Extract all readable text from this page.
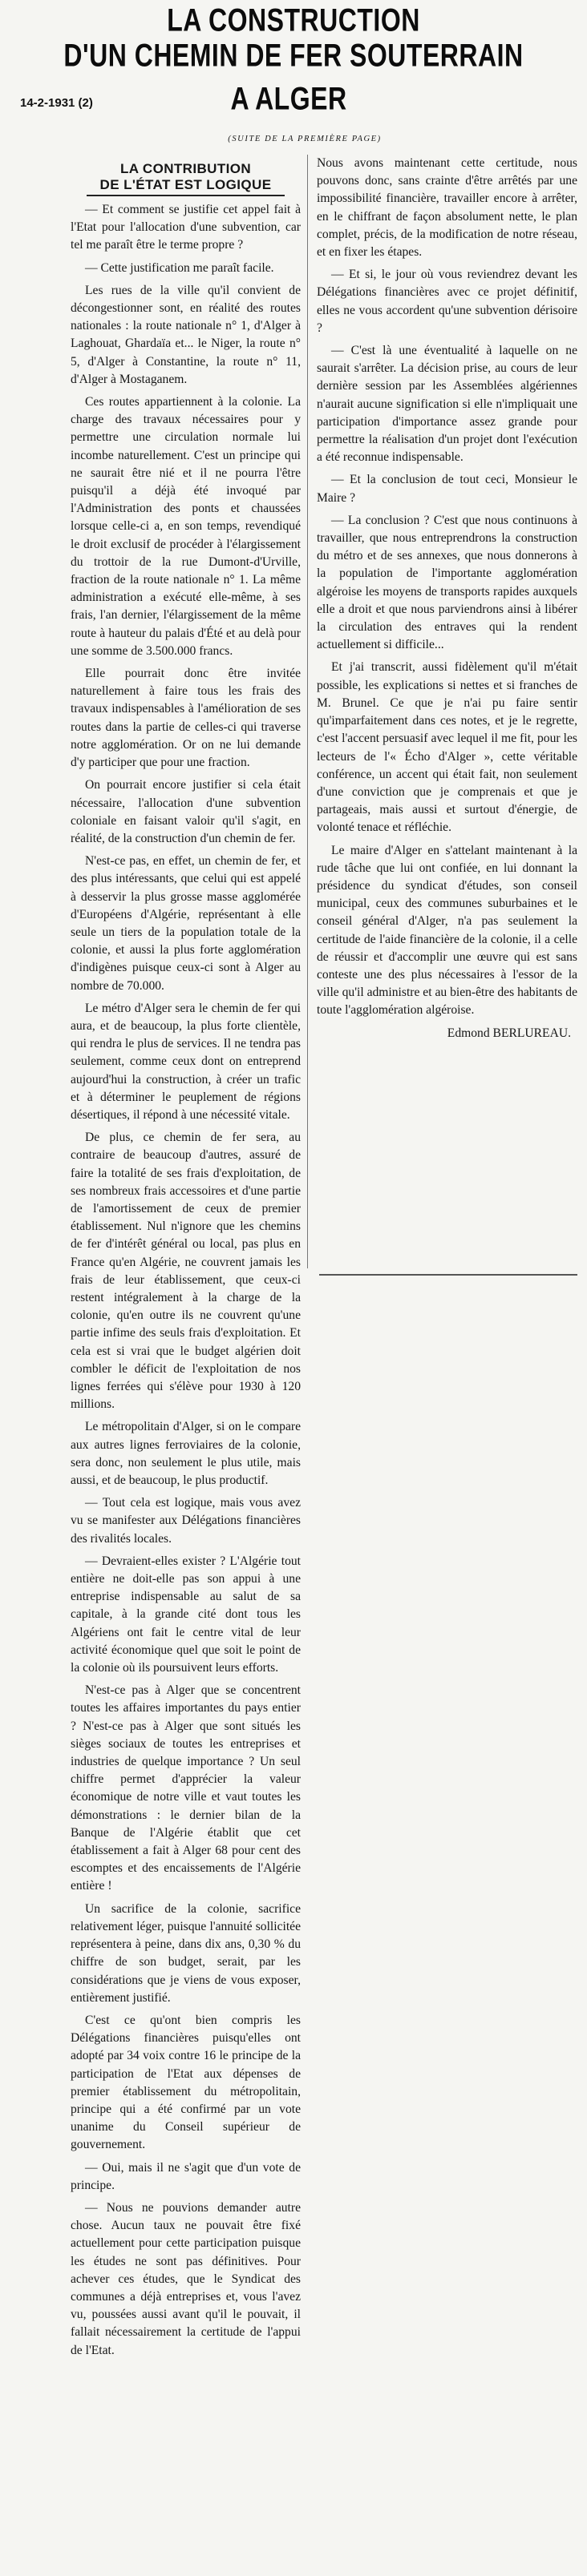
LA CONSTRUCTION
D'UN CHEMIN DE FER SOUTERRAIN
14-2-1931 (2)	A ALGER
(SUITE DE LA PREMIÈRE PAGE)
LA CONTRIBUTION
DE L'ÉTAT EST LOGIQUE

— Et comment se justifie cet appel fait à l'Etat pour l'allocation d'une subvention, car tel me paraît être le terme propre ?

— Cette justification me paraît facile.

Les rues de la ville qu'il convient de décongestionner sont, en réalité des routes nationales : la route nationale n° 1, d'Alger à Laghouat, Ghardaïa et... le Niger, la route n° 5, d'Alger à Constantine, la route n° 11, d'Alger à Mostaganem.

Ces routes appartiennent à la colonie. La charge des travaux nécessaires pour y permettre une circulation normale lui incombe naturellement. C'est un principe qui ne saurait être nié et il ne pourra l'être puisqu'il a déjà été invoqué par l'Administration des ponts et chaussées lorsque celle-ci a, en son temps, revendiqué le droit exclusif de procéder à l'élargissement du trottoir de la rue Dumont-d'Urville, fraction de la route nationale n° 1. La même administration a exécuté elle-même, à ses frais, l'an dernier, l'élargissement de la même route à hauteur du palais d'Été et au delà pour une somme de 3.500.000 francs.

Elle pourrait donc être invitée naturellement à faire tous les frais des travaux indispensables à l'amélioration de ses routes dans la partie de celles-ci qui traverse notre agglomération. Or on ne lui demande d'y participer que pour une fraction.

On pourrait encore justifier si cela était nécessaire, l'allocation d'une subvention coloniale en faisant valoir qu'il s'agit, en réalité, de la construction d'un chemin de fer.

N'est-ce pas, en effet, un chemin de fer, et des plus intéressants, que celui qui est appelé à desservir la plus grosse masse agglomérée d'Européens d'Algérie, représentant à elle seule un tiers de la population totale de la colonie, et aussi la plus forte agglomération d'indigènes puisque ceux-ci sont à Alger au nombre de 70.000.

Le métro d'Alger sera le chemin de fer qui aura, et de beaucoup, la plus forte clientèle, qui rendra le plus de services. Il ne tendra pas seulement, comme ceux dont on entreprend aujourd'hui la construction, à créer un trafic et à déterminer le peuplement de régions désertiques, il répond à une nécessité vitale.

De plus, ce chemin de fer sera, au contraire de beaucoup d'autres, assuré de faire la totalité de ses frais d'exploitation, de ses nombreux frais accessoires et d'une partie de l'amortissement de ceux de premier établissement. Nul n'ignore que les chemins de fer d'intérêt général ou local, pas plus en France qu'en Algérie, ne couvrent jamais les frais de leur établissement, que ceux-ci restent intégralement à la charge de la colonie, qu'en outre ils ne couvrent qu'une partie infime des seuls frais d'exploitation. Et cela est si vrai que le budget algérien doit combler le déficit de l'exploitation de nos lignes ferrées qui s'élève pour 1930 à 120 millions.

Le métropolitain d'Alger, si on le compare aux autres lignes ferroviaires de la colonie, sera donc, non seulement le plus utile, mais aussi, et de beaucoup, le plus productif.

— Tout cela est logique, mais vous avez vu se manifester aux Délégations financières des rivalités locales.

— Devraient-elles exister ? L'Algérie tout entière ne doit-elle pas son appui à une entreprise indispensable au salut de sa capitale, à la grande cité dont tous les Algériens ont fait le centre vital de leur activité économique quel que soit le point de la colonie où ils poursuivent leurs efforts.

N'est-ce pas à Alger que se concentrent toutes les affaires importantes du pays entier ? N'est-ce pas à Alger que sont situés les sièges sociaux de toutes les entreprises et industries de quelque importance ? Un seul chiffre permet d'apprécier la valeur économique de notre ville et vaut toutes les démonstrations : le dernier bilan de la Banque de l'Algérie établit que cet établissement a fait à Alger 68 pour cent des escomptes et des encaissements de l'Algérie entière !

Un sacrifice de la colonie, sacrifice relativement léger, puisque l'annuité sollicitée représentera à peine, dans dix ans, 0,30 % du chiffre de son budget, serait, par les considérations que je viens de vous exposer, entièrement justifié.

C'est ce qu'ont bien compris les Délégations financières puisqu'elles ont adopté par 34 voix contre 16 le principe de la participation de l'Etat aux dépenses de premier établissement du métropolitain, principe qui a été confirmé par un vote unanime du Conseil supérieur de gouvernement.

— Oui, mais il ne s'agit que d'un vote de principe.

— Nous ne pouvions demander autre chose. Aucun taux ne pouvait être fixé actuellement pour cette participation puisque les études ne sont pas définitives. Pour achever ces études, que le Syndicat des communes a déjà entreprises et, vous l'avez vu, poussées aussi avant qu'il le pouvait, il fallait nécessairement la certitude de l'appui de l'Etat.

Nous avons maintenant cette certitude, nous pouvons donc, sans crainte d'être arrêtés par une impossibilité financière, travailler encore à arrêter, en le chiffrant de façon absolument nette, le plan complet, précis, de la modification de notre réseau, et en fixer les étapes.

— Et si, le jour où vous reviendrez devant les Délégations financières avec ce projet définitif, elles ne vous accordent qu'une subvention dérisoire ?

— C'est là une éventualité à laquelle on ne saurait s'arrêter. La décision prise, au cours de leur dernière session par les Assemblées algériennes n'aurait aucune signification si elle n'impliquait une participation d'importance assez grande pour permettre la réalisation d'un projet dont l'exécution a été reconnue indispensable.

— Et la conclusion de tout ceci, Monsieur le Maire ?

— La conclusion ? C'est que nous continuons à travailler, que nous entreprendrons la construction du métro et de ses annexes, que nous donnerons à la population de l'importante agglomération algéroise les moyens de transports rapides auxquels elle a droit et que nous parviendrons ainsi à libérer la circulation des entraves qui la rendent actuellement si difficile...

Et j'ai transcrit, aussi fidèlement qu'il m'était possible, les explications si nettes et si franches de M. Brunel. Ce que je n'ai pu faire sentir qu'imparfaitement dans ces notes, et je le regrette, c'est l'accent persuasif avec lequel il me fit, pour les lecteurs de l'« Écho d'Alger », cette véritable conférence, un accent qui était fait, non seulement d'une conviction que je comprenais et que je partageais, mais aussi et surtout d'énergie, de volonté tenace et réfléchie.

Le maire d'Alger en s'attelant maintenant à la rude tâche que lui ont confiée, en lui donnant la présidence du syndicat d'études, son conseil municipal, ceux des communes suburbaines et le conseil général d'Alger, n'a pas seulement la certitude de l'aide financière de la colonie, il a celle de réussir et d'accomplir une œuvre qui est sans conteste une des plus nécessaires à l'essor de la ville qu'il administre et au bien-être des habitants de toute l'agglomération algéroise.

Edmond BERLUREAU.
